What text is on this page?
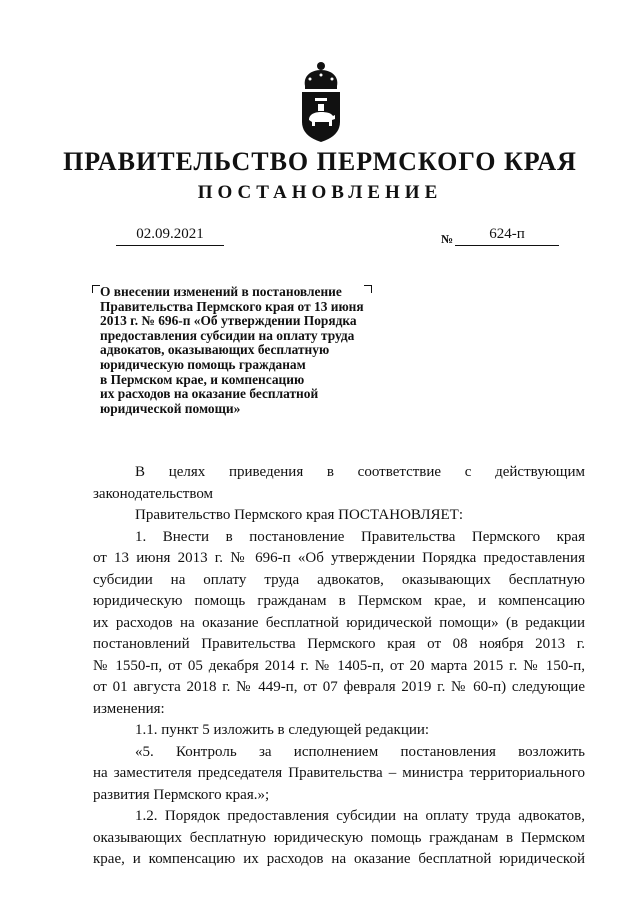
ПРАВИТЕЛЬСТВО ПЕРМСКОГО КРАЯ
ПОСТАНОВЛЕНИЕ
02.09.2021	№	624-п
О внесении изменений в постановление
Правительства Пермского края от 13 июня
2013 г. № 696-п «Об утверждении Порядка
предоставления субсидии на оплату труда
адвокатов, оказывающих бесплатную
юридическую помощь гражданам
в Пермском крае, и компенсацию
их расходов на оказание бесплатной
юридической помощи»
В целях приведения в соответствие с действующим
законодательством
Правительство Пермского края ПОСТАНОВЛЯЕТ:
1. Внести в постановление Правительства Пермского края
от 13 июня 2013 г. № 696-п «Об утверждении Порядка предоставления
субсидии на оплату труда адвокатов, оказывающих бесплатную
юридическую помощь гражданам в Пермском крае, и компенсацию
их расходов на оказание бесплатной юридической помощи» (в редакции
постановлений Правительства Пермского края от 08 ноября 2013 г.
№ 1550-п, от 05 декабря 2014 г. № 1405-п, от 20 марта 2015 г. № 150-п,
от 01 августа 2018 г. № 449-п, от 07 февраля 2019 г. № 60-п) следующие
изменения:
1.1. пункт 5 изложить в следующей редакции:
«5. Контроль за исполнением постановления возложить
на заместителя председателя Правительства – министра территориального
развития Пермского края.»;
1.2. Порядок предоставления субсидии на оплату труда адвокатов,
оказывающих бесплатную юридическую помощь гражданам в Пермском
крае, и компенсацию их расходов на оказание бесплатной юридической
